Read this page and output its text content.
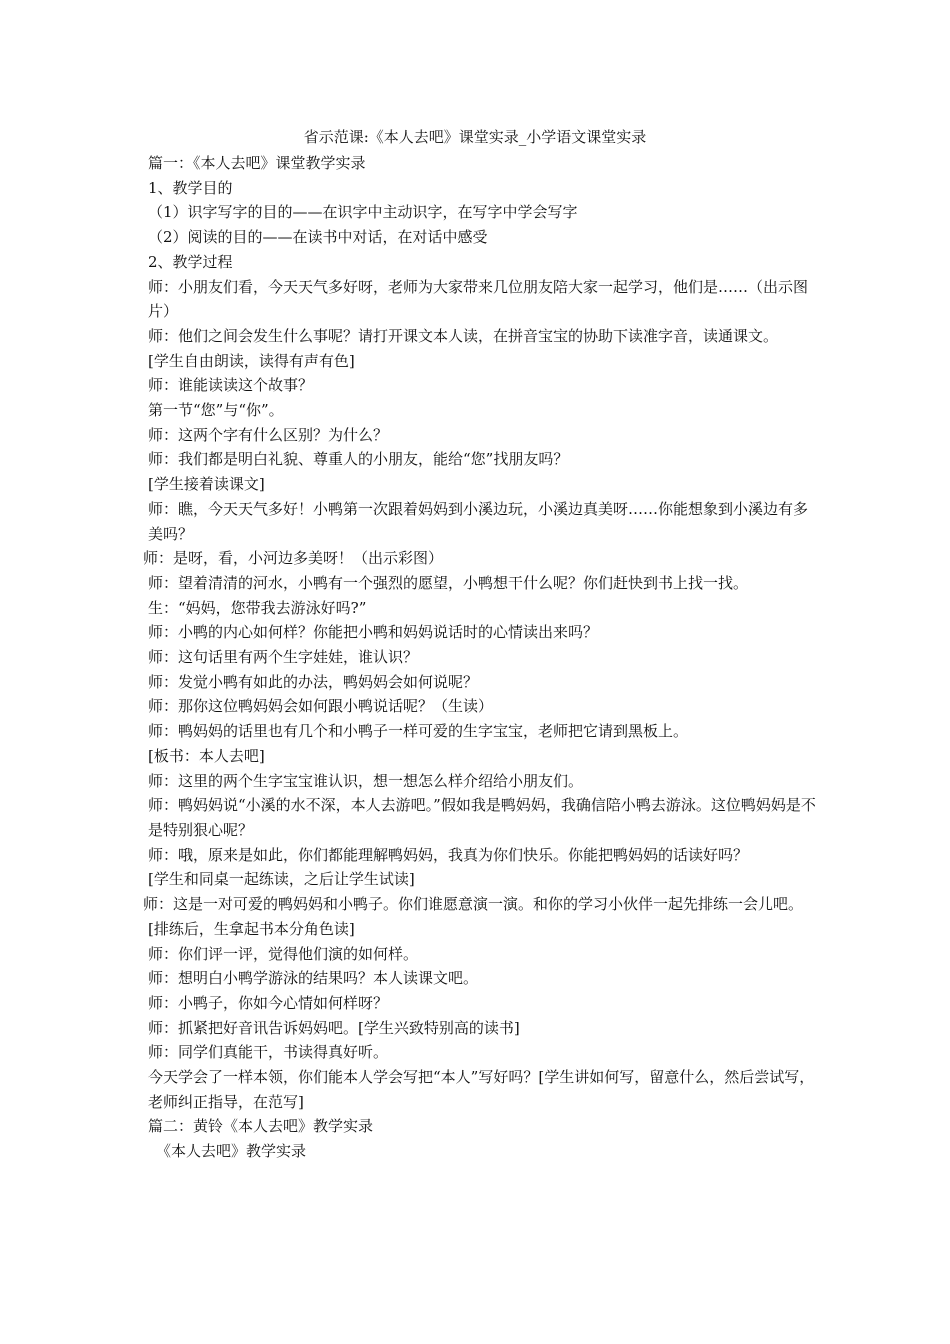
省示范课:《本人去吧》课堂实录_小学语文课堂实录

篇一：《本人去吧》课堂教学实录

1、教学目的

（1）识字写字的目的——在识字中主动识字，在写字中学会写字

（2）阅读的目的——在读书中对话，在对话中感受

2、教学过程

师：小朋友们看，今天天气多好呀，老师为大家带来几位朋友陪大家一起学习，他们是……（出示图片）

师：他们之间会发生什么事呢？请打开课文本人读，在拼音宝宝的协助下读准字音，读通课文。

[学生自由朗读，读得有声有色]

师：谁能读读这个故事？

第一节“您”与“你”。

师：这两个字有什么区别？为什么？

师：我们都是明白礼貌、尊重人的小朋友，能给“您”找朋友吗？

[学生接着读课文]

师：瞧，今天天气多好！小鸭第一次跟着妈妈到小溪边玩，小溪边真美呀……你能想象到小溪边有多美吗？

师：是呀，看，小河边多美呀！（出示彩图）

师：望着清清的河水，小鸭有一个强烈的愿望，小鸭想干什么呢？你们赶快到书上找一找。

生：“妈妈，您带我去游泳好吗?”

师：小鸭的内心如何样？你能把小鸭和妈妈说话时的心情读出来吗？

师：这句话里有两个生字娃娃，谁认识？

师：发觉小鸭有如此的办法，鸭妈妈会如何说呢？

师：那你这位鸭妈妈会如何跟小鸭说话呢？（生读）

师：鸭妈妈的话里也有几个和小鸭子一样可爱的生字宝宝，老师把它请到黑板上。

[板书：本人去吧]

师：这里的两个生字宝宝谁认识，想一想怎么样介绍给小朋友们。

师：鸭妈妈说“小溪的水不深，本人去游吧。”假如我是鸭妈妈，我确信陪小鸭去游泳。这位鸭妈妈是不是特别狠心呢？

师：哦，原来是如此，你们都能理解鸭妈妈，我真为你们快乐。你能把鸭妈妈的话读好吗？

[学生和同桌一起练读，之后让学生试读]

师：这是一对可爱的鸭妈妈和小鸭子。你们谁愿意演一演。和你的学习小伙伴一起先排练一会儿吧。

[排练后，生拿起书本分角色读]

师：你们评一评，觉得他们演的如何样。

师：想明白小鸭学游泳的结果吗？本人读课文吧。

师：小鸭子，你如今心情如何样呀？

师：抓紧把好音讯告诉妈妈吧。[学生兴致特别高的读书]

师：同学们真能干，书读得真好听。

今天学会了一样本领，你们能本人学会写把“本人”写好吗？[学生讲如何写，留意什么，然后尝试写，老师纠正指导，在范写]

篇二：黄铃《本人去吧》教学实录

《本人去吧》教学实录
